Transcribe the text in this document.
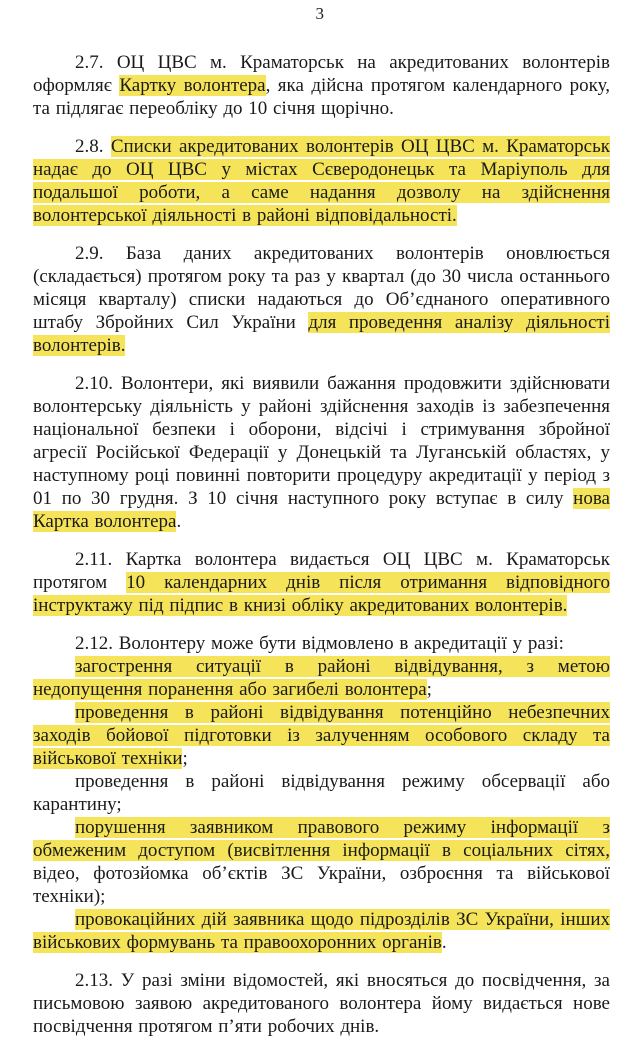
3

2.7. ОЦ ЦВС м. Краматорськ на акредитованих волонтерів оформляє Картку волонтера, яка дійсна протягом календарного року, та підлягає переобліку до 10 січня щорічно.

2.8. Списки акредитованих волонтерів ОЦ ЦВС м. Краматорськ надає до ОЦ ЦВС у містах Сєверодонецьк та Маріуполь для подальшої роботи, а саме надання дозволу на здійснення волонтерської діяльності в районі відповідальності.

2.9. База даних акредитованих волонтерів оновлюється (складається) протягом року та раз у квартал (до 30 числа останнього місяця кварталу) списки надаються до Об’єднаного оперативного штабу Збройних Сил України для проведення аналізу діяльності волонтерів.

2.10. Волонтери, які виявили бажання продовжити здійснювати волонтерську діяльність у районі здійснення заходів із забезпечення національної безпеки і оборони, відсічі і стримування збройної агресії Російської Федерації у Донецькій та Луганській областях, у наступному році повинні повторити процедуру акредитації у період з 01 по 30 грудня. З 10 січня наступного року вступає в силу нова Картка волонтера.

2.11. Картка волонтера видається ОЦ ЦВС м. Краматорськ протягом 10 календарних днів після отримання відповідного інструктажу під підпис в книзі обліку акредитованих волонтерів.

2.12. Волонтеру може бути відмовлено в акредитації у разі:

загострення ситуації в районі відвідування, з метою недопущення поранення або загибелі волонтера;

проведення в районі відвідування потенційно небезпечних заходів бойової підготовки із залученням особового складу та військової техніки;

проведення в районі відвідування режиму обсервації або карантину;

порушення заявником правового режиму інформації з обмеженим доступом (висвітлення інформації в соціальних сітях, відео, фотозйомка об’єктів ЗС України, озброєння та військової техніки);

провокаційних дій заявника щодо підрозділів ЗС України, інших військових формувань та правоохоронних органів.

2.13. У разі зміни відомостей, які вносяться до посвідчення, за письмовою заявою акредитованого волонтера йому видається нове посвідчення протягом п’яти робочих днів.
